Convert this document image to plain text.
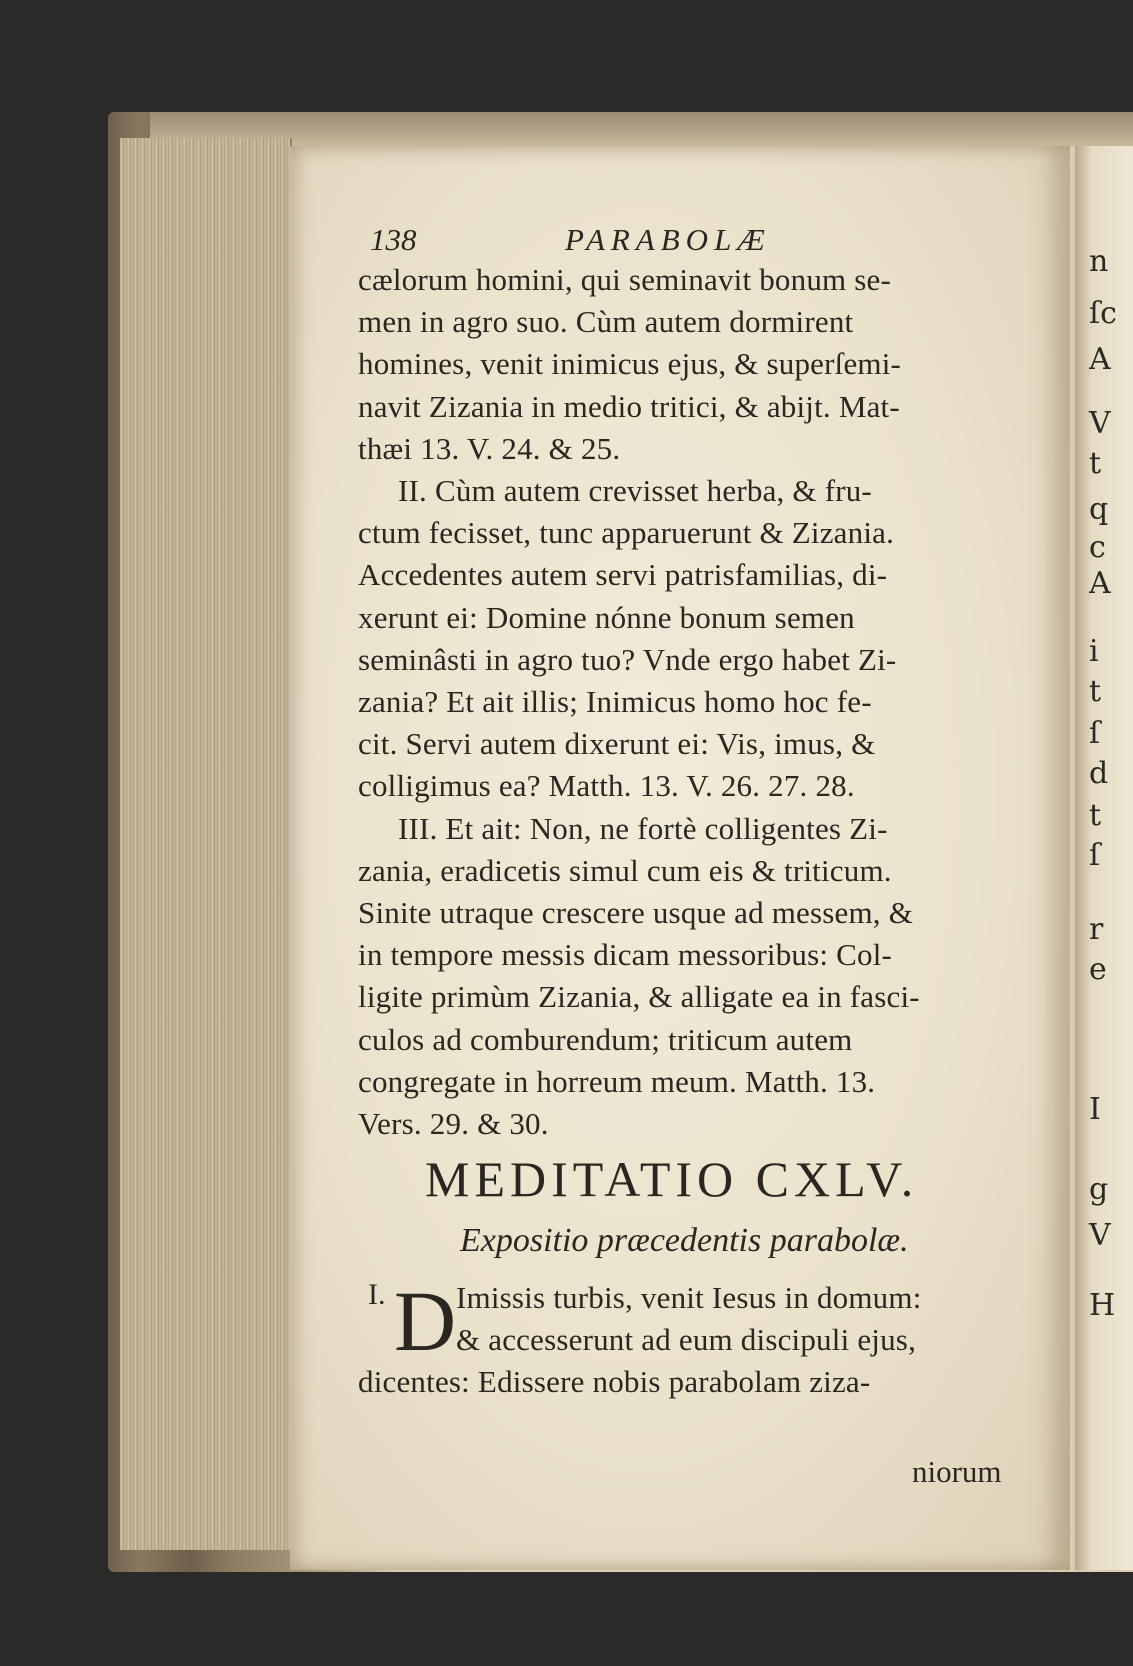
n
ſc
A
V
t
q
c
A
i
t
ſ
d
t
ſ
r
e
I
g
V
H
138	PARABOLÆ
cælorum homini, qui seminavit bonum se-
men in agro suo. Cùm autem dormirent
homines, venit inimicus ejus, & superſemi-
navit Zizania in medio tritici, & abijt. Mat-
thæi 13. V. 24. & 25.
II. Cùm autem crevisset herba, & fru-
ctum fecisset, tunc apparuerunt & Zizania.
Accedentes autem servi patrisfamilias, di-
xerunt ei: Domine nónne bonum semen
seminâsti in agro tuo? Vnde ergo habet Zi-
zania? Et ait illis; Inimicus homo hoc fe-
cit. Servi autem dixerunt ei: Vis, imus, &
colligimus ea? Matth. 13. V. 26. 27. 28.
III. Et ait: Non, ne fortè colligentes Zi-
zania, eradicetis simul cum eis & triticum.
Sinite utraque crescere usque ad messem, &
in tempore messis dicam messoribus: Col-
ligite primùm Zizania, & alligate ea in fasci-
culos ad comburendum; triticum autem
congregate in horreum meum. Matth. 13.
Vers. 29. & 30.
MEDITATIO CXLV.
Expositio præcedentis parabolæ.
I. D Imissis turbis, venit Iesus in domum:
& accesserunt ad eum discipuli ejus,
dicentes: Edissere nobis parabolam ziza-
niorum
